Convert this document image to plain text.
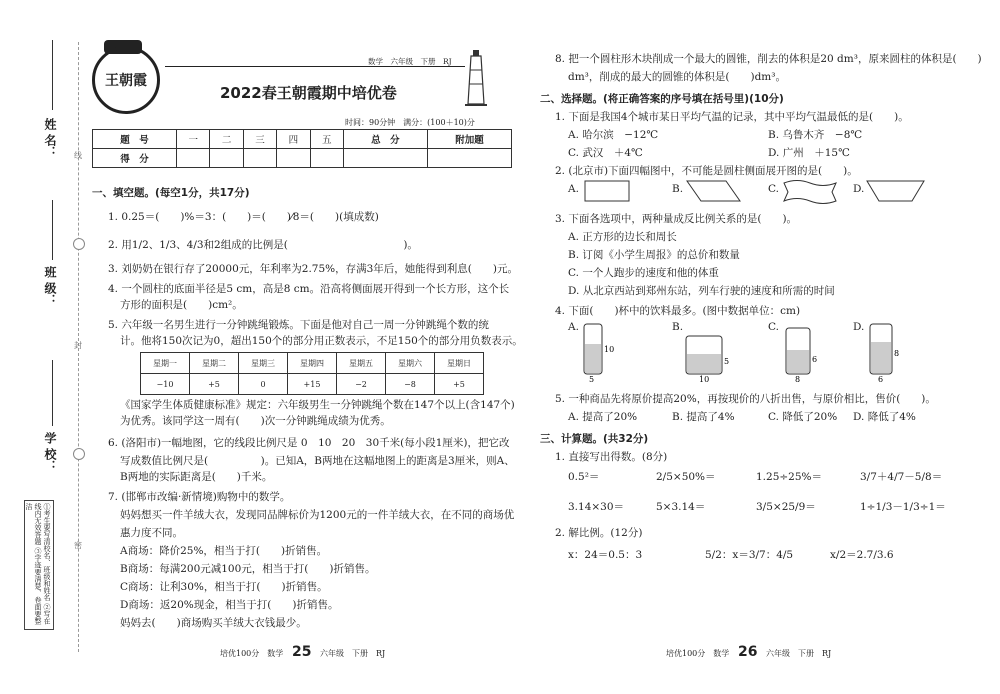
姓 名：
班 级：
学 校：
①考生要写清校名、班级和姓名 ②写在线内无效答题 ③字迹要清楚、卷面要整洁
线
封
密
王朝霞
数学　六年级　下册　RJ
2022春王朝霞期中培优卷
时间：90分钟　满分：(100＋10)分
题　号	一	二	三	四	五	总　分	附加题
得　分							
一、填空题。(每空1分，共17分)
1. 0.25＝(　　)%＝3：(　　)＝(　　)⁄8＝(　　)(填成数)
2. 用1/2、1/3、4/3和2组成的比例是(　　　　　　　　　　　)。
3. 刘奶奶在银行存了20000元，年利率为2.75%，存满3年后，她能得到利息(　　)元。
4. 一个圆柱的底面半径是5 cm，高是8 cm。沿高将侧面展开得到一个长方形，这个长
方形的面积是(　　)cm²。
5. 六年级一名男生进行一分钟跳绳锻炼。下面是他对自己一周一分钟跳绳个数的统
计。他将150次记为0，超出150个的部分用正数表示，不足150个的部分用负数表示。
星期一	星期二	星期三	星期四	星期五	星期六	星期日
−10	+5	0	+15	−2	−8	+5
《国家学生体质健康标准》规定：六年级男生一分钟跳绳个数在147个以上(含147个)
为优秀。该同学这一周有(　　)次一分钟跳绳成绩为优秀。
6. (洛阳市)一幅地图，它的线段比例尺是 0　10　20　30千米(每小段1厘米)，把它改
写成数值比例尺是(　　　　　)。已知A，B两地在这幅地图上的距离是3厘米，则A、
B两地的实际距离是(　　)千米。
7. (邯郸市改编·新情境)购物中的数学。
妈妈想买一件羊绒大衣，发现同品牌标价为1200元的一件羊绒大衣，在不同的商场优
惠力度不同。
A商场：降价25%，相当于打(　　)折销售。
B商场：每满200元减100元，相当于打(　　)折销售。
C商场：让利30%，相当于打(　　)折销售。
D商场：返20%现金，相当于打(　　)折销售。
妈妈去(　　)商场购买羊绒大衣钱最少。
培优100分　数学 25 六年级　下册　RJ
8. 把一个圆柱形木块削成一个最大的圆锥，削去的体积是20 dm³，原来圆柱的体积是(　　)
dm³，削成的最大的圆锥的体积是(　　)dm³。
二、选择题。(将正确答案的序号填在括号里)(10分)
1. 下面是我国4个城市某日平均气温的记录，其中平均气温最低的是(　　)。
A. 哈尔滨　−12℃	B. 乌鲁木齐　−8℃
C. 武汉　＋4℃	D. 广州　＋15℃
2. (北京市)下面四幅图中，不可能是圆柱侧面展开图的是(　　)。
A.	B.	C.	D.
3. 下面各选项中，两种量成反比例关系的是(　　)。
A. 正方形的边长和周长
B. 订阅《小学生周报》的总价和数量
C. 一个人跑步的速度和他的体重
D. 从北京西站到郑州东站，列车行驶的速度和所需的时间
4. 下面(　　)杯中的饮料最多。(图中数据单位：cm)
A.
10
5
B.
5
10
C.
6
8
D.
8
6
5. 一种商品先将原价提高20%，再按现价的八折出售，与原价相比，售价(　　)。
A. 提高了20%	B. 提高了4%	C. 降低了20% D. 降低了4%
三、计算题。(共32分)
1. 直接写出得数。(8分)
0.5²＝	2/5×50%＝	1.25÷25%＝	3/7＋4/7－5/8＝
3.14×30＝	5×3.14＝	3/5×25/9＝	1÷1/3－1/3÷1＝
2. 解比例。(12分)
x：24＝0.5：3	5/2：x＝3/7：4/5	x/2＝2.7/3.6
培优100分　数学 26 六年级　下册　RJ
